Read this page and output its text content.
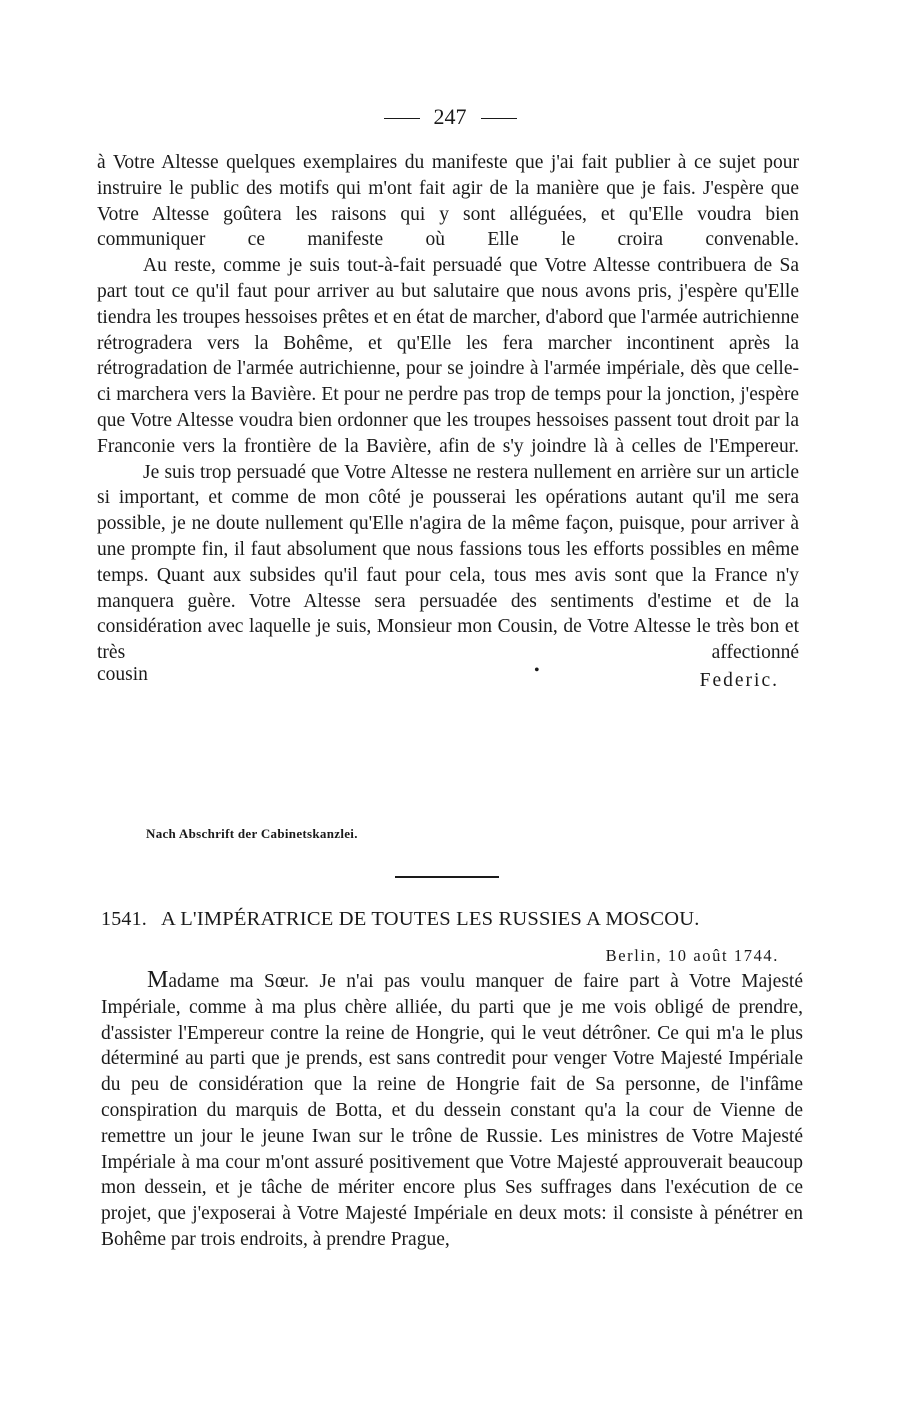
247

à Votre Altesse quelques exemplaires du manifeste que j'ai fait publier à ce sujet pour instruire le public des motifs qui m'ont fait agir de la manière que je fais. J'espère que Votre Altesse goûtera les raisons qui y sont alléguées, et qu'Elle voudra bien communiquer ce manifeste où Elle le croira convenable.

Au reste, comme je suis tout-à-fait persuadé que Votre Altesse contribuera de Sa part tout ce qu'il faut pour arriver au but salutaire que nous avons pris, j'espère qu'Elle tiendra les troupes hessoises prêtes et en état de marcher, d'abord que l'armée autrichienne rétrogradera vers la Bohême, et qu'Elle les fera marcher incontinent après la rétrogradation de l'armée autrichienne, pour se joindre à l'armée impériale, dès que celle-ci marchera vers la Bavière. Et pour ne perdre pas trop de temps pour la jonction, j'espère que Votre Altesse voudra bien ordonner que les troupes hessoises passent tout droit par la Franconie vers la frontière de la Bavière, afin de s'y joindre là à celles de l'Empereur.

Je suis trop persuadé que Votre Altesse ne restera nullement en arrière sur un article si important, et comme de mon côté je pousserai les opérations autant qu'il me sera possible, je ne doute nullement qu'Elle n'agira de la même façon, puisque, pour arriver à une prompte fin, il faut absolument que nous fassions tous les efforts possibles en même temps. Quant aux subsides qu'il faut pour cela, tous mes avis sont que la France n'y manquera guère. Votre Altesse sera persuadée des sentiments d'estime et de la considération avec laquelle je suis, Monsieur mon Cousin, de Votre Altesse le très bon et très affectionné

cousin	•	Federic.
Nach Abschrift der Cabinetskanzlei.
1541. A L'IMPÉRATRICE DE TOUTES LES RUSSIES A MOSCOU.
Berlin, 10 août 1744.

Madame ma Sœur. Je n'ai pas voulu manquer de faire part à Votre Majesté Impériale, comme à ma plus chère alliée, du parti que je me vois obligé de prendre, d'assister l'Empereur contre la reine de Hongrie, qui le veut détrôner. Ce qui m'a le plus déterminé au parti que je prends, est sans contredit pour venger Votre Majesté Impériale du peu de considération que la reine de Hongrie fait de Sa personne, de l'infâme conspiration du marquis de Botta, et du dessein constant qu'a la cour de Vienne de remettre un jour le jeune Iwan sur le trône de Russie. Les ministres de Votre Majesté Impériale à ma cour m'ont assuré positivement que Votre Majesté approuverait beaucoup mon dessein, et je tâche de mériter encore plus Ses suffrages dans l'exécution de ce projet, que j'exposerai à Votre Majesté Impériale en deux mots: il consiste à pénétrer en Bohême par trois endroits, à prendre Prague,
